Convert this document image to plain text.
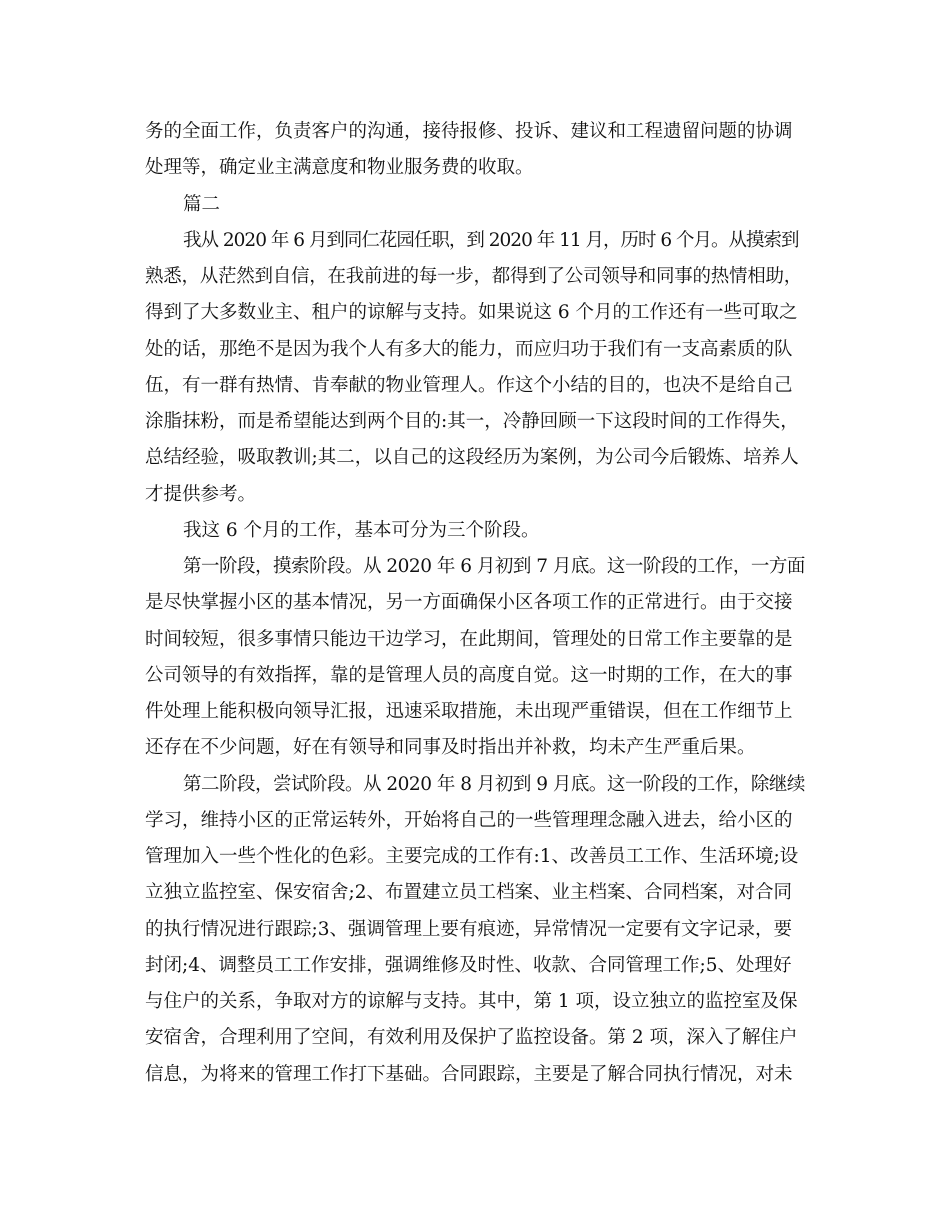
务的全面工作，负责客户的沟通，接待报修、投诉、建议和工程遗留问题的协调
处理等，确定业主满意度和物业服务费的收取。
篇二
我从 2020 年 6 月到同仁花园任职，到 2020 年 11 月，历时 6 个月。从摸索到
熟悉，从茫然到自信，在我前进的每一步，都得到了公司领导和同事的热情相助，
得到了大多数业主、租户的谅解与支持。如果说这 6 个月的工作还有一些可取之
处的话，那绝不是因为我个人有多大的能力，而应归功于我们有一支高素质的队
伍，有一群有热情、肯奉献的物业管理人。作这个小结的目的，也决不是给自己
涂脂抹粉，而是希望能达到两个目的:其一，冷静回顾一下这段时间的工作得失，
总结经验，吸取教训;其二，以自己的这段经历为案例，为公司今后锻炼、培养人
才提供参考。
我这 6 个月的工作，基本可分为三个阶段。
第一阶段，摸索阶段。从 2020 年 6 月初到 7 月底。这一阶段的工作，一方面
是尽快掌握小区的基本情况，另一方面确保小区各项工作的正常进行。由于交接
时间较短，很多事情只能边干边学习，在此期间，管理处的日常工作主要靠的是
公司领导的有效指挥，靠的是管理人员的高度自觉。这一时期的工作，在大的事
件处理上能积极向领导汇报，迅速采取措施，未出现严重错误，但在工作细节上
还存在不少问题，好在有领导和同事及时指出并补救，均未产生严重后果。
第二阶段，尝试阶段。从 2020 年 8 月初到 9 月底。这一阶段的工作，除继续
学习，维持小区的正常运转外，开始将自己的一些管理理念融入进去，给小区的
管理加入一些个性化的色彩。主要完成的工作有:1、改善员工工作、生活环境;设
立独立监控室、保安宿舍;2、布置建立员工档案、业主档案、合同档案，对合同
的执行情况进行跟踪;3、强调管理上要有痕迹，异常情况一定要有文字记录，要
封闭;4、调整员工工作安排，强调维修及时性、收款、合同管理工作;5、处理好
与住户的关系，争取对方的谅解与支持。其中，第 1 项，设立独立的监控室及保
安宿舍，合理利用了空间，有效利用及保护了监控设备。第 2 项，深入了解住户
信息，为将来的管理工作打下基础。合同跟踪，主要是了解合同执行情况，对未
